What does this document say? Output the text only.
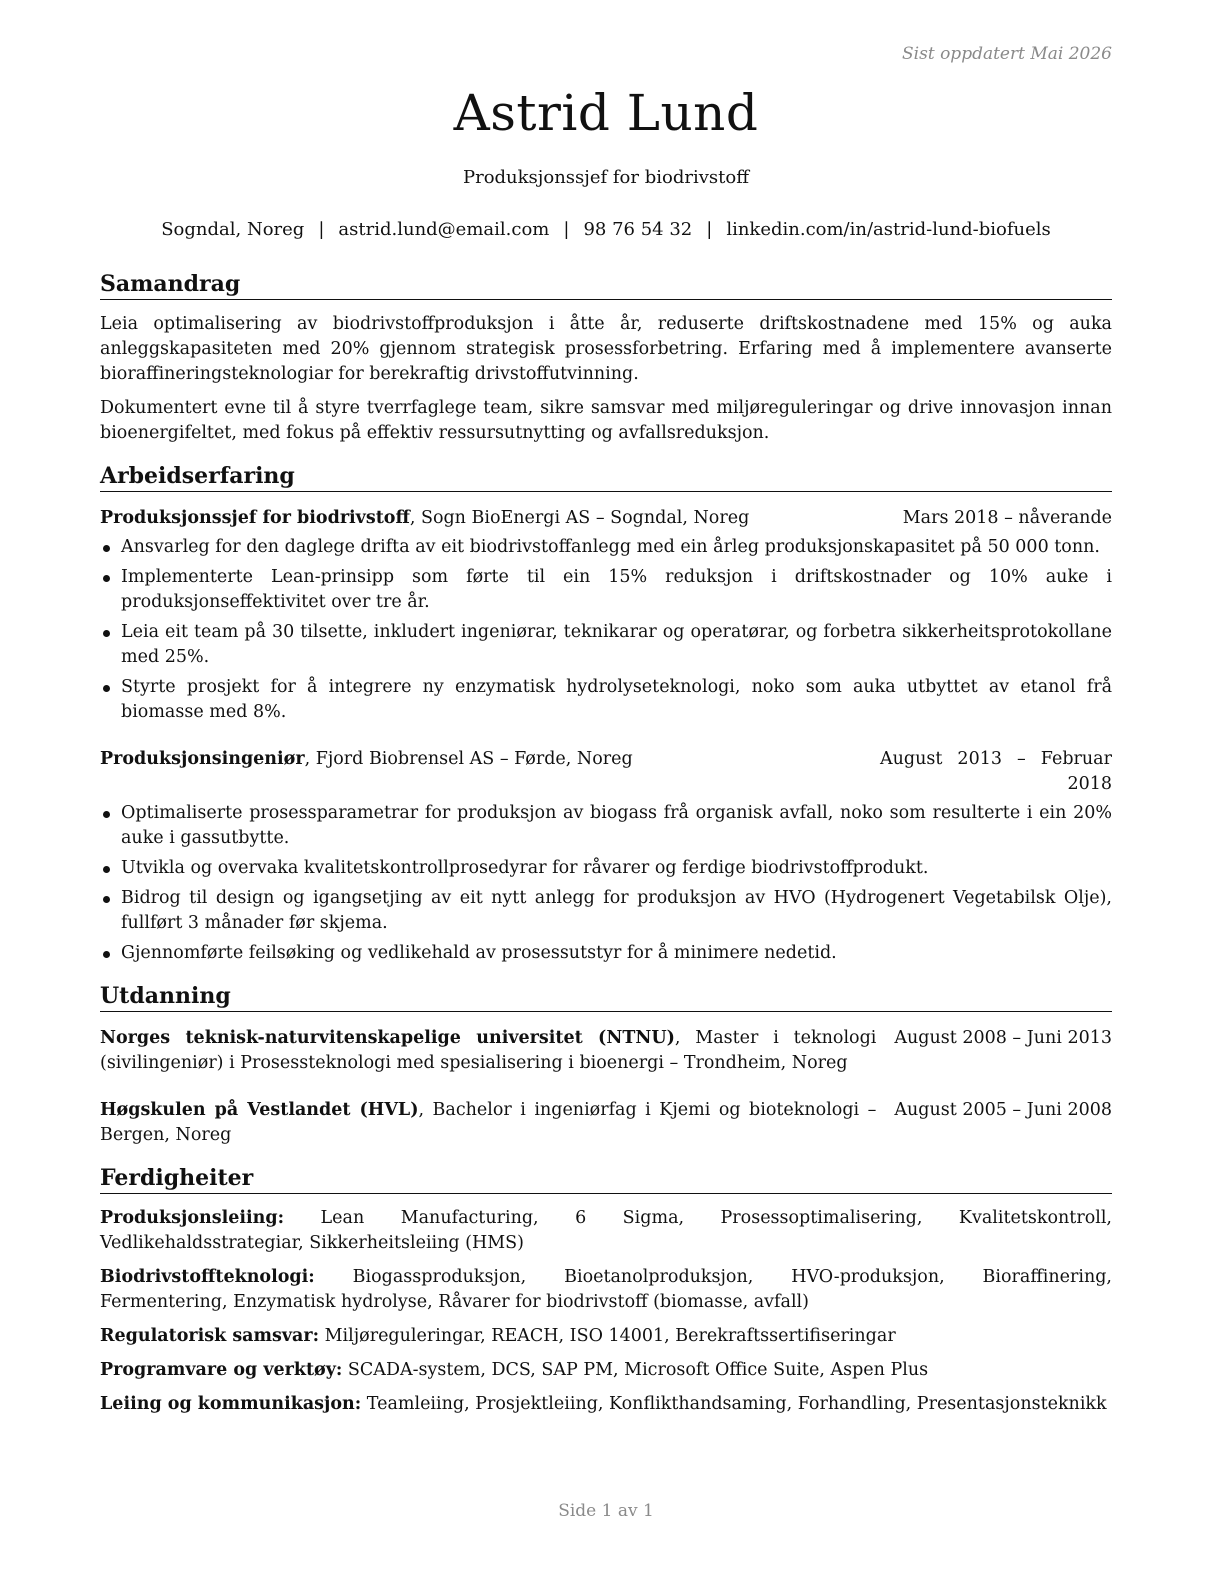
Sist oppdatert Mai 2026
Astrid Lund
Produksjonssjef for biodrivstoff
Sogndal, Noreg | astrid.lund@email.com | 98 76 54 32 | linkedin.com/in/astrid-lund-biofuels
Samandrag

Leia optimalisering av biodrivstoffproduksjon i åtte år, reduserte driftskostnadene med 15% og auka anleggskapasiteten med 20% gjennom strategisk prosessforbetring. Erfaring med å implementere avanserte bioraffineringsteknologiar for berekraftig drivstoffutvinning.

Dokumentert evne til å styre tverrfaglege team, sikre samsvar med miljøreguleringar og drive innovasjon innan bioenergifeltet, med fokus på effektiv ressursutnytting og avfallsreduksjon.

Arbeidserfaring
Produksjonssjef for biodrivstoff, Sogn BioEnergi AS – Sogndal, Noreg	Mars 2018 – nåverande
Ansvarleg for den daglege drifta av eit biodrivstoffanlegg med ein årleg produksjonskapasitet på 50 000 tonn.
Implementerte Lean-prinsipp som førte til ein 15% reduksjon i driftskostnader og 10% auke i produksjonseffektivitet over tre år.
Leia eit team på 30 tilsette, inkludert ingeniørar, teknikarar og operatørar, og forbetra sikkerheitsprotokollane med 25%.
Styrte prosjekt for å integrere ny enzymatisk hydrolyseteknologi, noko som auka utbyttet av etanol frå biomasse med 8%.
Produksjonsingeniør, Fjord Biobrensel AS – Førde, Noreg	August 2013 – Februar 2018
Optimaliserte prosessparametrar for produksjon av biogass frå organisk avfall, noko som resulterte i ein 20% auke i gassutbytte.
Utvikla og overvaka kvalitetskontrollprosedyrar for råvarer og ferdige biodrivstoffprodukt.
Bidrog til design og igangsetjing av eit nytt anlegg for produksjon av HVO (Hydrogenert Vegetabilsk Olje), fullført 3 månader før skjema.
Gjennomførte feilsøking og vedlikehald av prosessutstyr for å minimere nedetid.
Utdanning
Norges teknisk-naturvitenskapelige universitet (NTNU), Master i teknologi (sivilingeniør) i Prosessteknologi med spesialisering i bioenergi – Trondheim, Noreg
August 2008 – Juni 2013
Høgskulen på Vestlandet (HVL), Bachelor i ingeniørfag i Kjemi og bioteknologi – Bergen, Noreg
August 2005 – Juni 2008
Ferdigheiter
Produksjonsleiing: Lean Manufacturing, 6 Sigma, Prosessoptimalisering, Kvalitetskontroll, Vedlikehaldsstrategiar, Sikkerheitsleiing (HMS)
Biodrivstoffteknologi: Biogassproduksjon, Bioetanolproduksjon, HVO-produksjon, Bioraffinering, Fermentering, Enzymatisk hydrolyse, Råvarer for biodrivstoff (biomasse, avfall)
Regulatorisk samsvar: Miljøreguleringar, REACH, ISO 14001, Berekraftssertifiseringar
Programvare og verktøy: SCADA-system, DCS, SAP PM, Microsoft Office Suite, Aspen Plus
Leiing og kommunikasjon: Teamleiing, Prosjektleiing, Konflikthandsaming, Forhandling, Presentasjonsteknikk
Side 1 av 1
